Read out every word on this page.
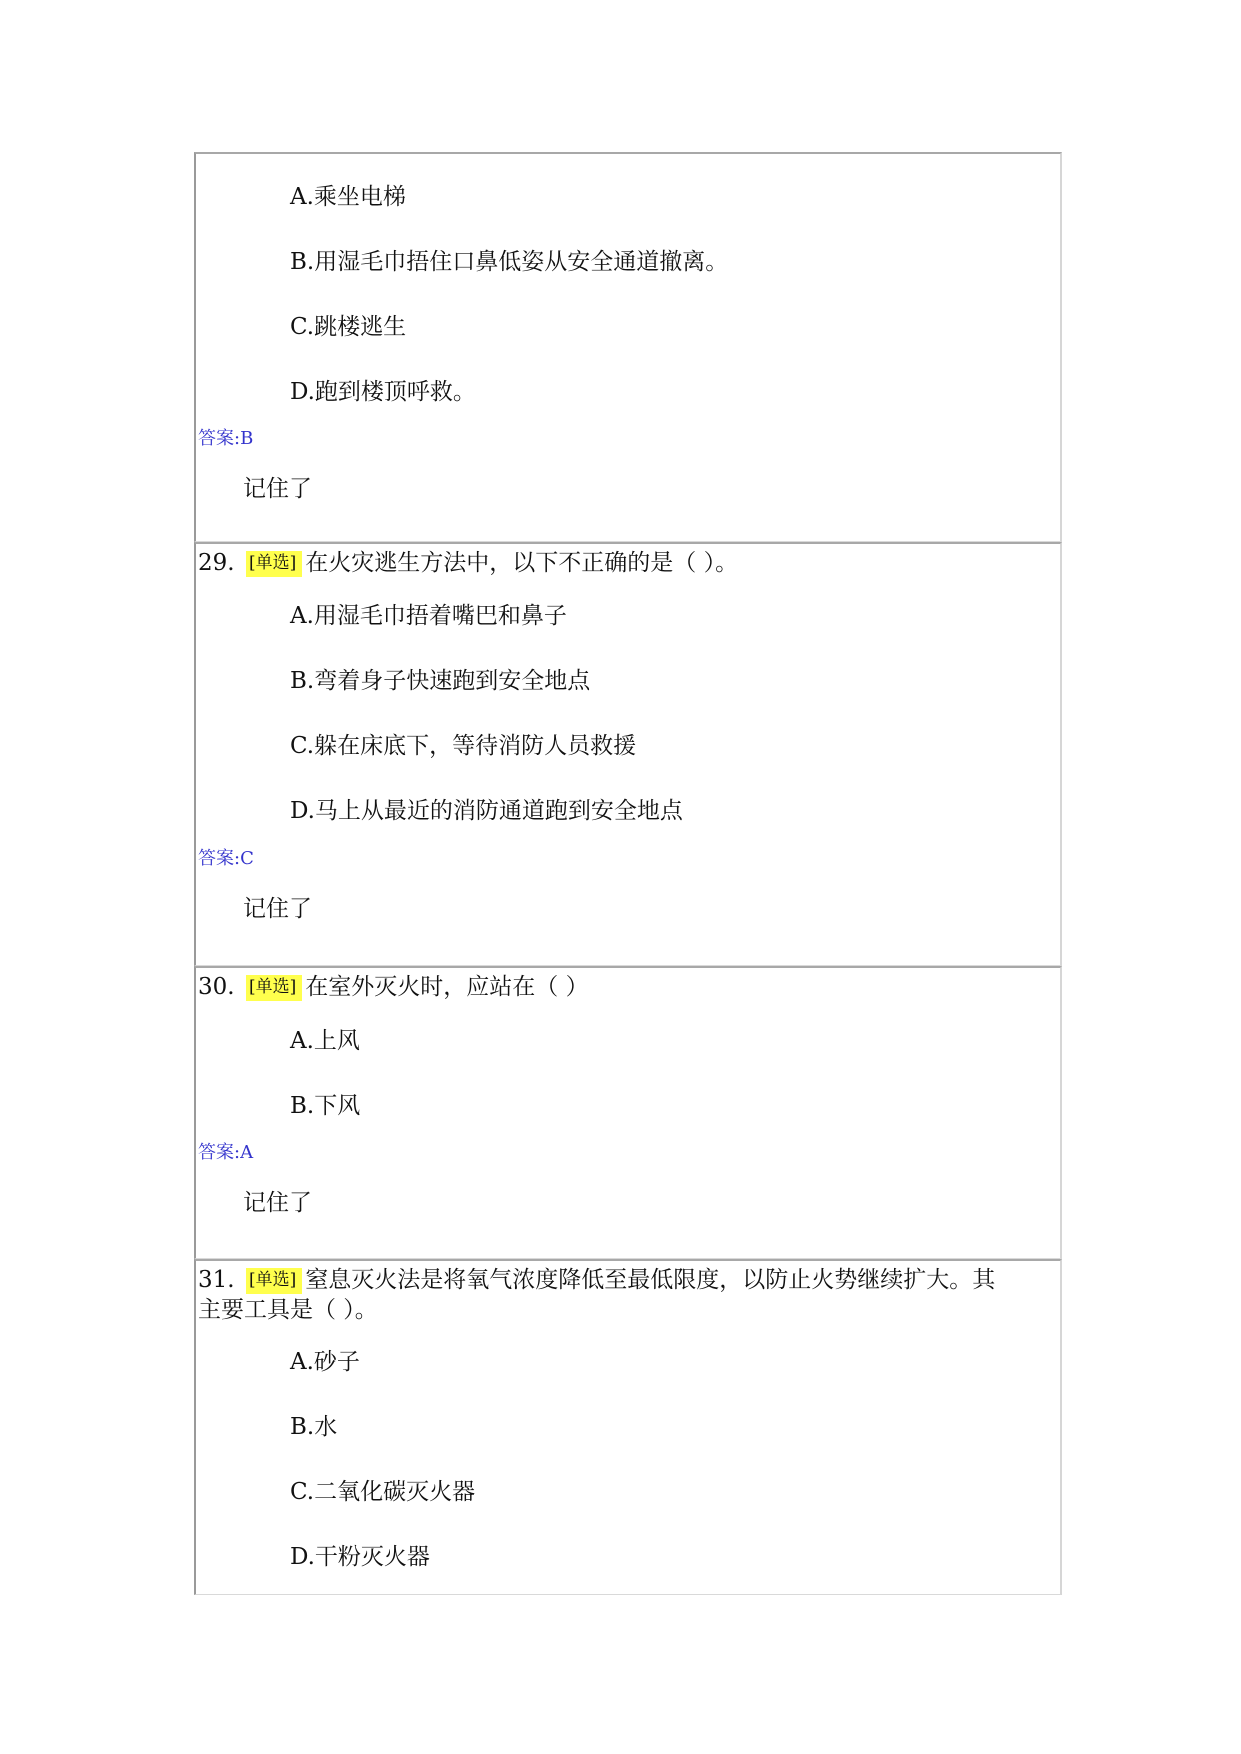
A.乘坐电梯
B.用湿毛巾捂住口鼻低姿从安全通道撤离。
C.跳楼逃生
D.跑到楼顶呼救。
答案:B
记住了
29. [单选] 在火灾逃生方法中，以下不正确的是（ ）。
A.用湿毛巾捂着嘴巴和鼻子
B.弯着身子快速跑到安全地点
C.躲在床底下，等待消防人员救援
D.马上从最近的消防通道跑到安全地点
答案:C
记住了
30. [单选] 在室外灭火时，应站在（ ）
A.上风
B.下风
答案:A
记住了
31. [单选] 窒息灭火法是将氧气浓度降低至最低限度，以防止火势继续扩大。其
主要工具是（ ）。
A.砂子
B.水
C.二氧化碳灭火器
D.干粉灭火器
